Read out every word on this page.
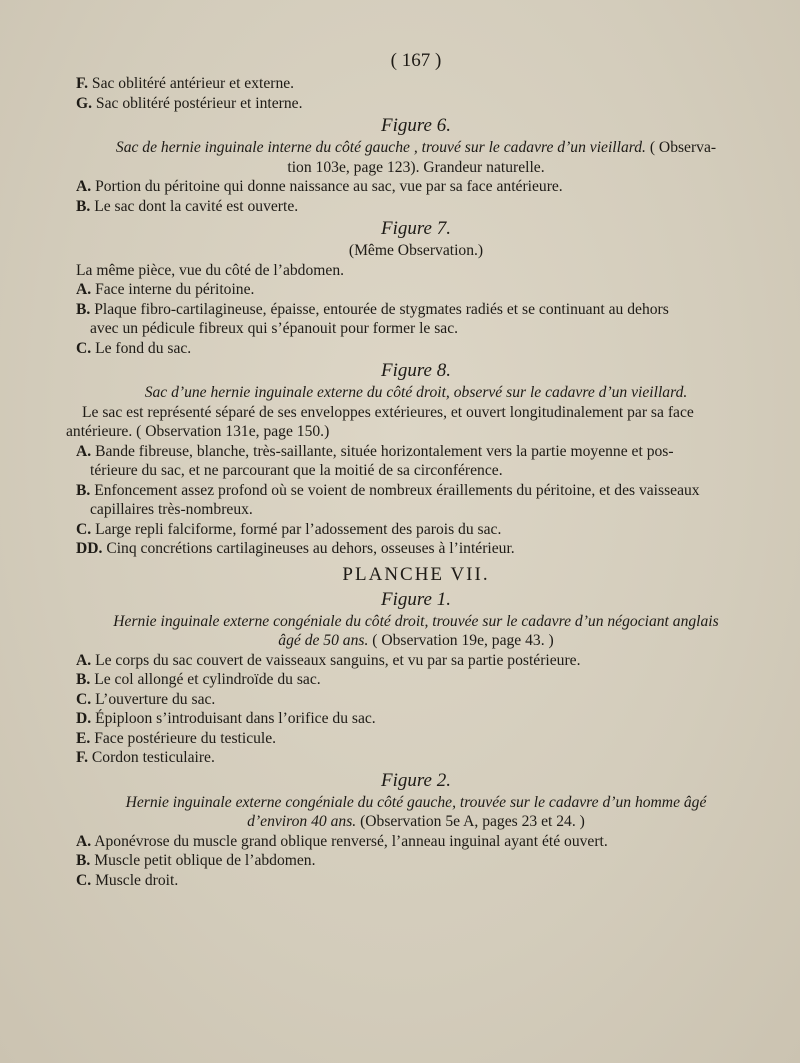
( 167 )
F. Sac oblitéré antérieur et externe.
G. Sac oblitéré postérieur et interne.
Figure 6.
Sac de hernie inguinale interne du côté gauche , trouvé sur le cadavre d’un vieillard. ( Observa-
tion 103e, page 123). Grandeur naturelle.
A. Portion du péritoine qui donne naissance au sac, vue par sa face antérieure.
B. Le sac dont la cavité est ouverte.
Figure 7.
(Même Observation.)
La même pièce, vue du côté de l’abdomen.
A. Face interne du péritoine.
B. Plaque fibro-cartilagineuse, épaisse, entourée de stygmates radiés et se continuant au dehors
avec un pédicule fibreux qui s’épanouit pour former le sac.
C. Le fond du sac.
Figure 8.
Sac d’une hernie inguinale externe du côté droit, observé sur le cadavre d’un vieillard.
Le sac est représenté séparé de ses enveloppes extérieures, et ouvert longitudinalement par sa face
antérieure. ( Observation 131e, page 150.)
A. Bande fibreuse, blanche, très-saillante, située horizontalement vers la partie moyenne et pos-
térieure du sac, et ne parcourant que la moitié de sa circonférence.
B. Enfoncement assez profond où se voient de nombreux éraillements du péritoine, et des vaisseaux
capillaires très-nombreux.
C. Large repli falciforme, formé par l’adossement des parois du sac.
DD. Cinq concrétions cartilagineuses au dehors, osseuses à l’intérieur.
PLANCHE VII.
Figure 1.
Hernie inguinale externe congéniale du côté droit, trouvée sur le cadavre d’un négociant anglais
âgé de 50 ans. ( Observation 19e, page 43. )
A. Le corps du sac couvert de vaisseaux sanguins, et vu par sa partie postérieure.
B. Le col allongé et cylindroïde du sac.
C. L’ouverture du sac.
D. Épiploon s’introduisant dans l’orifice du sac.
E. Face postérieure du testicule.
F. Cordon testiculaire.
Figure 2.
Hernie inguinale externe congéniale du côté gauche, trouvée sur le cadavre d’un homme âgé
d’environ 40 ans. (Observation 5e A, pages 23 et 24. )
A. Aponévrose du muscle grand oblique renversé, l’anneau inguinal ayant été ouvert.
B. Muscle petit oblique de l’abdomen.
C. Muscle droit.
